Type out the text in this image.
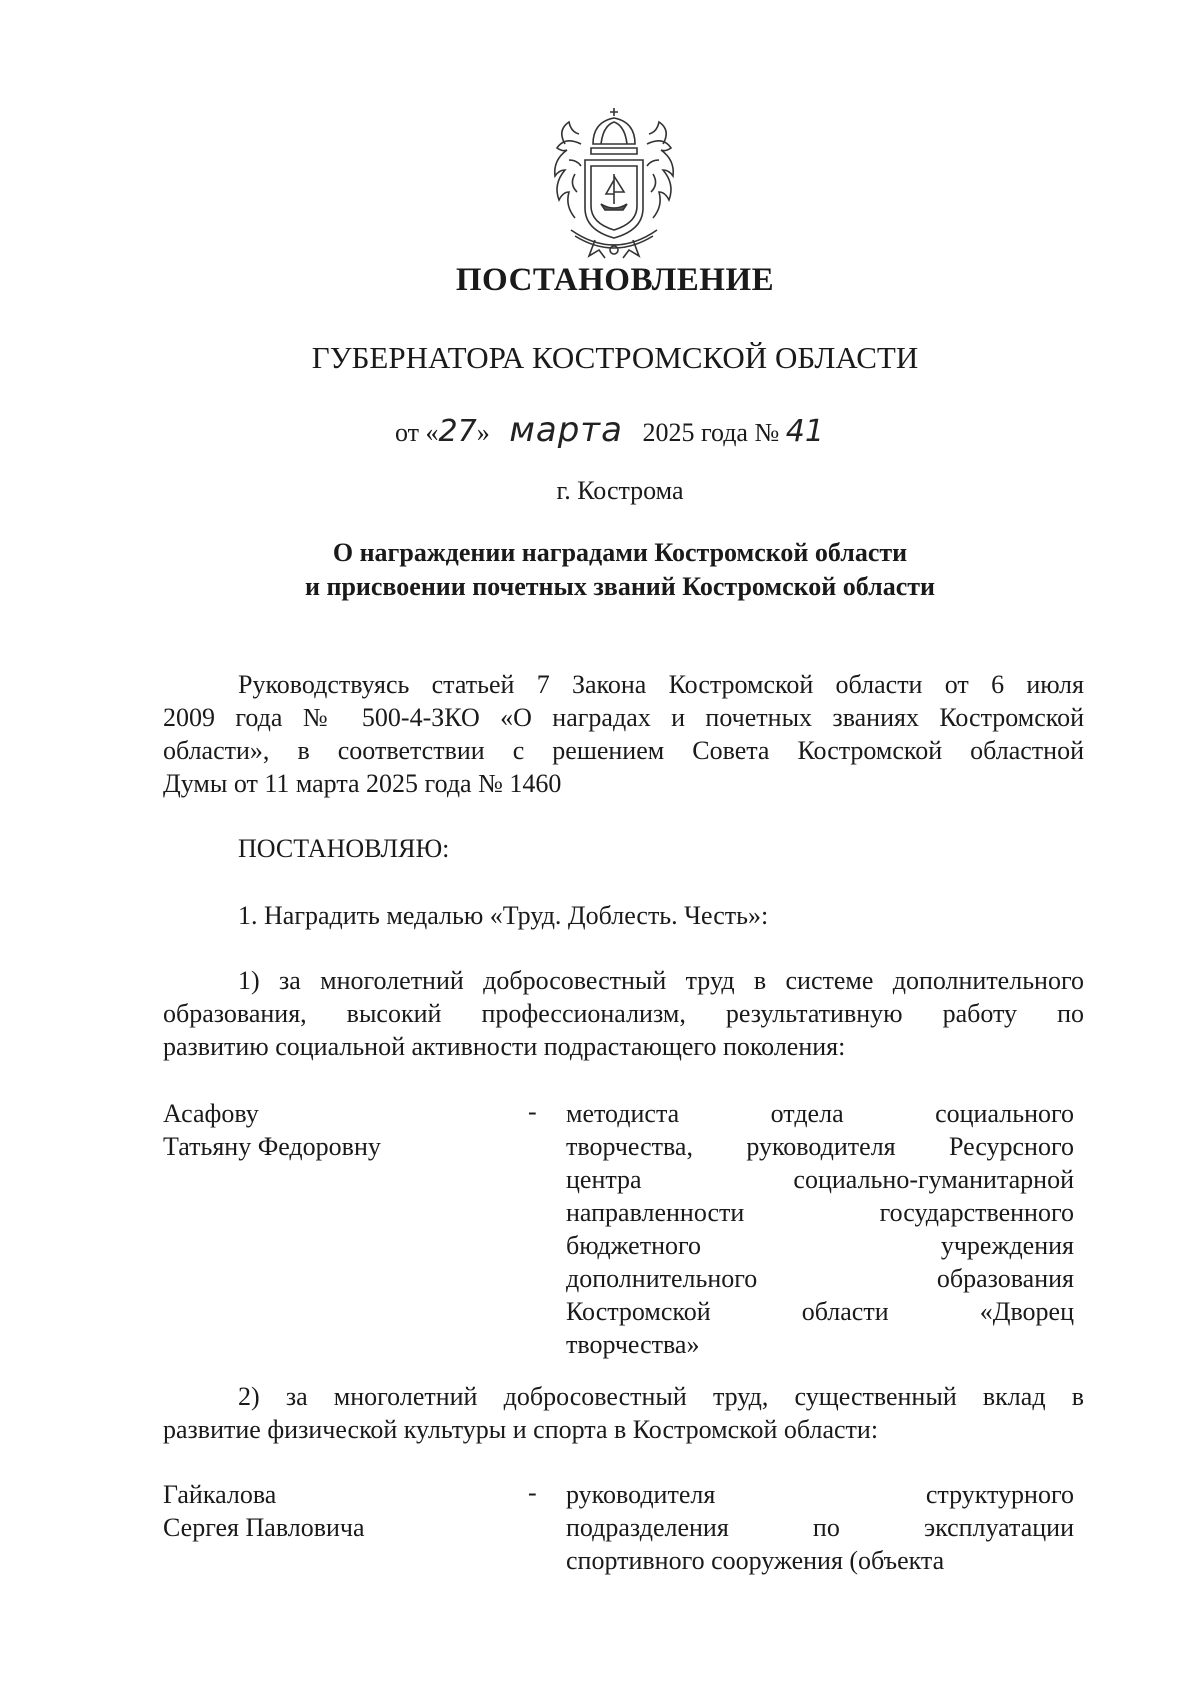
ПОСТАНОВЛЕНИЕ
ГУБЕРНАТОРА КОСТРОМСКОЙ ОБЛАСТИ
от «27» марта 2025 года № 41
г. Кострома
О награждении наградами Костромской области
и присвоении почетных званий Костромской области
Руководствуясь статьей 7 Закона Костромской области от 6 июля
2009 года № 500-4-ЗКО «О наградах и почетных званиях Костромской
области», в соответствии с решением Совета Костромской областной
Думы от 11 марта 2025 года № 1460
ПОСТАНОВЛЯЮ:
1. Наградить медалью «Труд. Доблесть. Честь»:
1) за многолетний добросовестный труд в системе дополнительного
образования, высокий профессионализм, результативную работу по
развитию социальной активности подрастающего поколения:
Асафову
Татьяну Федоровну
- методиста отдела социального
творчества, руководителя Ресурсного
центра социально-гуманитарной
направленности государственного
бюджетного учреждения
дополнительного образования
Костромской области «Дворец
творчества»
2) за многолетний добросовестный труд, существенный вклад в
развитие физической культуры и спорта в Костромской области:
Гайкалова
Сергея Павловича
- руководителя структурного
подразделения по эксплуатации
спортивного сооружения (объекта
